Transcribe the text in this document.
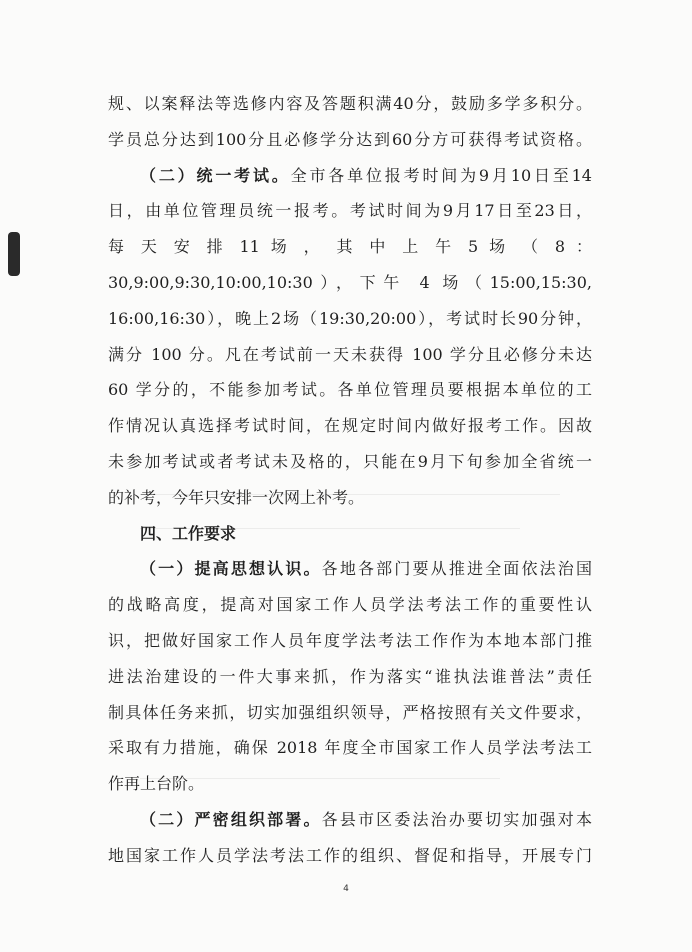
规、以案释法等选修内容及答题积满40分，鼓励多学多积分。
学员总分达到100分且必修学分达到60分方可获得考试资格。
（二）统一考试。全市各单位报考时间为9月10日至14
日，由单位管理员统一报考。考试时间为9月17日至23日，
每 天 安 排 11 场 ， 其 中 上 午 5 场 （ 8 ：
30,9:00,9:30,10:00,10:30），下午 4 场（15:00,15:30,
16:00,16:30），晚上2场（19:30,20:00），考试时长90分钟，
满分 100 分。凡在考试前一天未获得 100 学分且必修分未达
60 学分的，不能参加考试。各单位管理员要根据本单位的工
作情况认真选择考试时间，在规定时间内做好报考工作。因故
未参加考试或者考试未及格的，只能在9月下旬参加全省统一
的补考，今年只安排一次网上补考。
四、工作要求
（一）提高思想认识。各地各部门要从推进全面依法治国
的战略高度，提高对国家工作人员学法考法工作的重要性认
识，把做好国家工作人员年度学法考法工作作为本地本部门推
进法治建设的一件大事来抓，作为落实“谁执法谁普法”责任
制具体任务来抓，切实加强组织领导，严格按照有关文件要求，
采取有力措施，确保 2018 年度全市国家工作人员学法考法工
作再上台阶。
（二）严密组织部署。各县市区委法治办要切实加强对本
地国家工作人员学法考法工作的组织、督促和指导，开展专门
4
